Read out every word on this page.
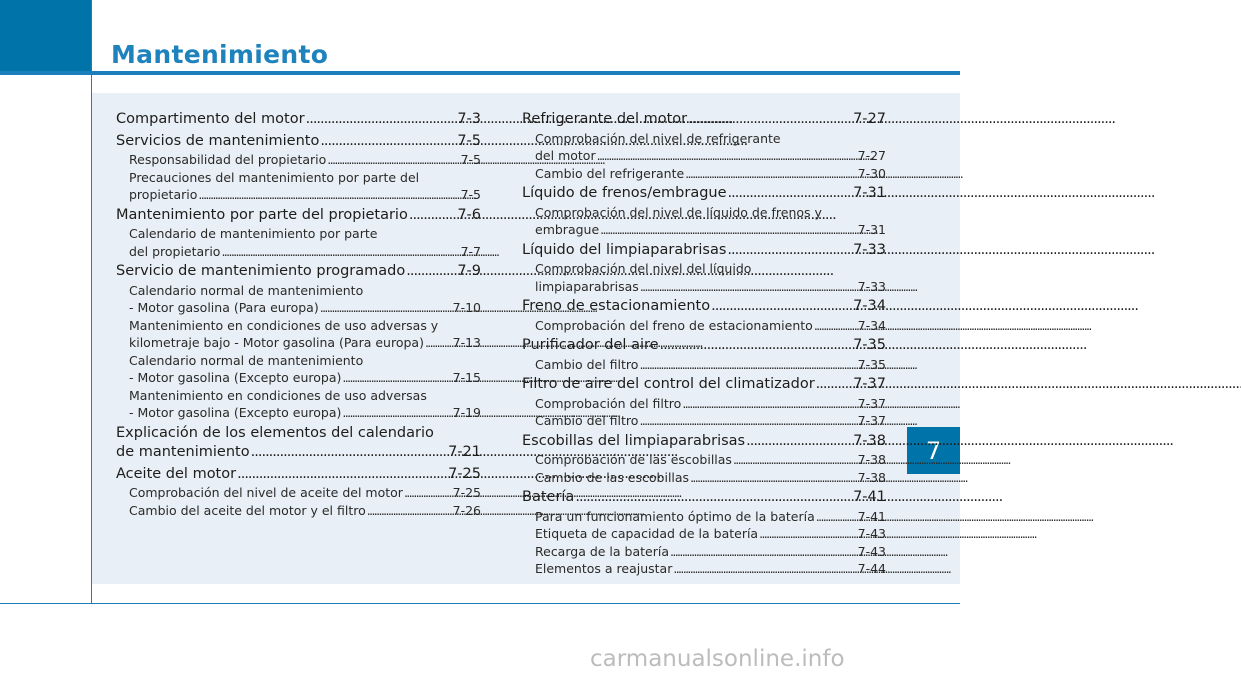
Mantenimiento
7
Compartimento del motor . . .	7-3
Servicios de mantenimiento . . .	7-5
Responsabilidad del propietario . . .	7-5
Precauciones del mantenimiento por parte del
propietario . . .	7-5
Mantenimiento por parte del propietario . . .	7-6
Calendario de mantenimiento por parte
del propietario . . .	7-7
Servicio de mantenimiento programado . . .	7-9
Calendario normal de mantenimiento
- Motor gasolina (Para europa) . . .	7-10
Mantenimiento en condiciones de uso adversas y
kilometraje bajo - Motor gasolina (Para europa) . . . 7-13
Calendario normal de mantenimiento
- Motor gasolina (Excepto europa) . . .	7-15
Mantenimiento en condiciones de uso adversas
- Motor gasolina (Excepto europa) . . .	7-19
Explicación de los elementos del calendario
de mantenimiento . . .	7-21
Aceite del motor . . .	7-25
Comprobación del nivel de aceite del motor . . .	7-25
Cambio del aceite del motor y el filtro . . .	7-26
Refrigerante del motor . . .	7-27
Comprobación del nivel de refrigerante
del motor . . .	7-27
Cambio del refrigerante . . .	7-30
Líquido de frenos/embrague . . .	7-31
Comprobación del nivel de líquido de frenos y
embrague . . .	7-31
Líquido del limpiaparabrisas . . .	7-33
Comprobación del nivel del líquido
limpiaparabrisas . . .	7-33
Freno de estacionamiento . . .	7-34
Comprobación del freno de estacionamiento . . .	7-34
Purificador del aire . . .	7-35
Cambio del filtro . . .	7-35
Filtro de aire del control del climatizador . . .	7-37
Comprobación del filtro . . .	7-37
Cambio del filtro . . .	7-37
Escobillas del limpiaparabrisas . . .	7-38
Comprobación de las escobillas . . .	7-38
Cambio de las escobillas . . .	7-38
Batería . . .	7-41
Para un funcionamiento óptimo de la batería . . .	7-41
Etiqueta de capacidad de la batería . . .	7-43
Recarga de la batería . . .	7-43
Elementos a reajustar . . .	7-44
carmanualsonline.info
